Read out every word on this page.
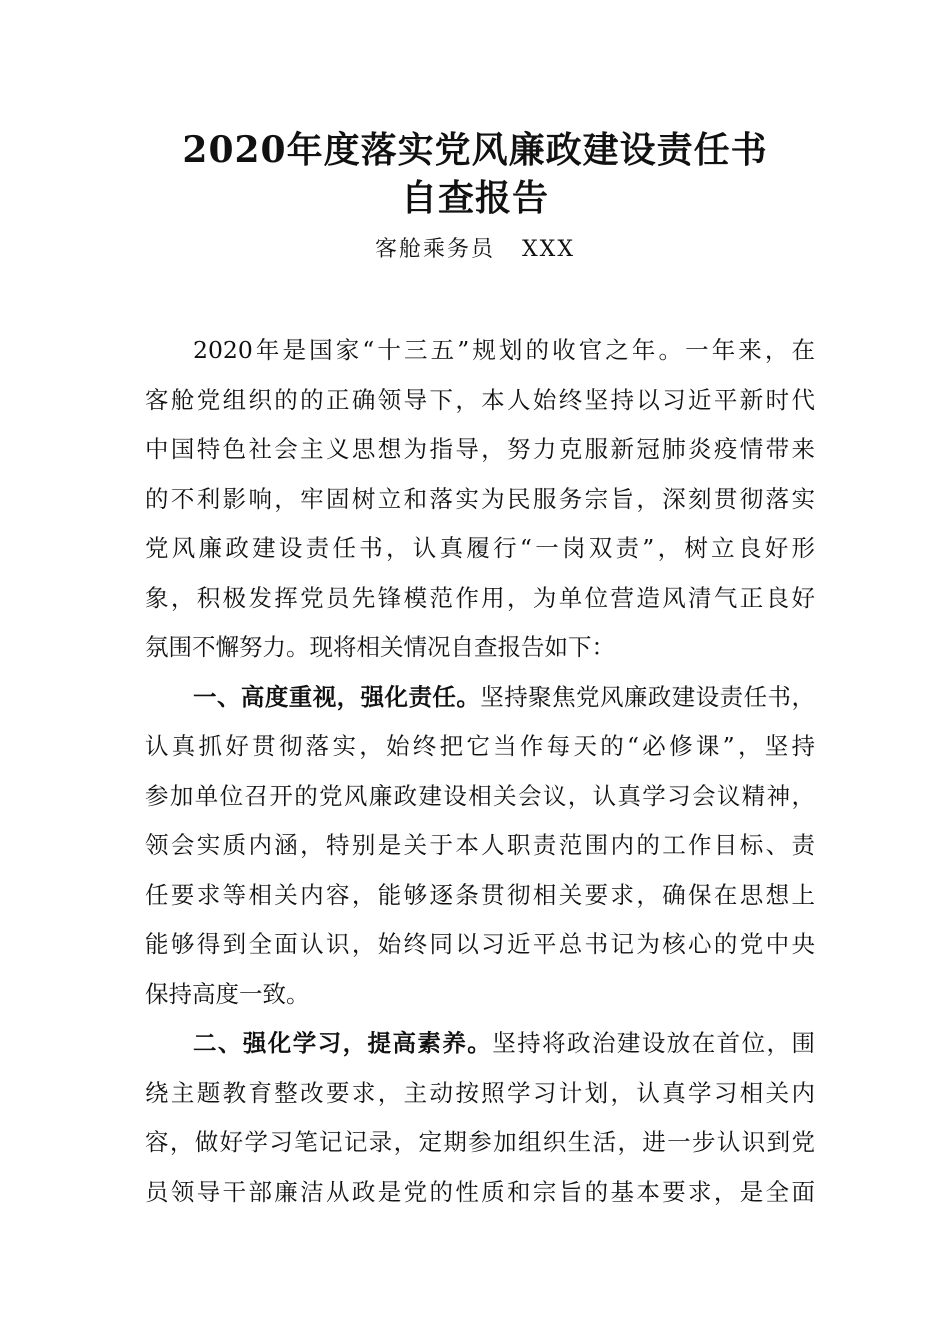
2020年度落实党风廉政建设责任书
自查报告
客舱乘务员   XXX
2020年是国家“十三五”规划的收官之年。一年来，在
客舱党组织的的正确领导下，本人始终坚持以习近平新时代
中国特色社会主义思想为指导，努力克服新冠肺炎疫情带来
的不利影响，牢固树立和落实为民服务宗旨，深刻贯彻落实
党风廉政建设责任书，认真履行“一岗双责”，树立良好形
象，积极发挥党员先锋模范作用，为单位营造风清气正良好
氛围不懈努力。现将相关情况自查报告如下：
一、高度重视，强化责任。坚持聚焦党风廉政建设责任书，
认真抓好贯彻落实，始终把它当作每天的“必修课”，坚持
参加单位召开的党风廉政建设相关会议，认真学习会议精神，
领会实质内涵，特别是关于本人职责范围内的工作目标、责
任要求等相关内容，能够逐条贯彻相关要求，确保在思想上
能够得到全面认识，始终同以习近平总书记为核心的党中央
保持高度一致。
二、强化学习，提高素养。坚持将政治建设放在首位，围
绕主题教育整改要求，主动按照学习计划，认真学习相关内
容，做好学习笔记记录，定期参加组织生活，进一步认识到党
员领导干部廉洁从政是党的性质和宗旨的基本要求，是全面
